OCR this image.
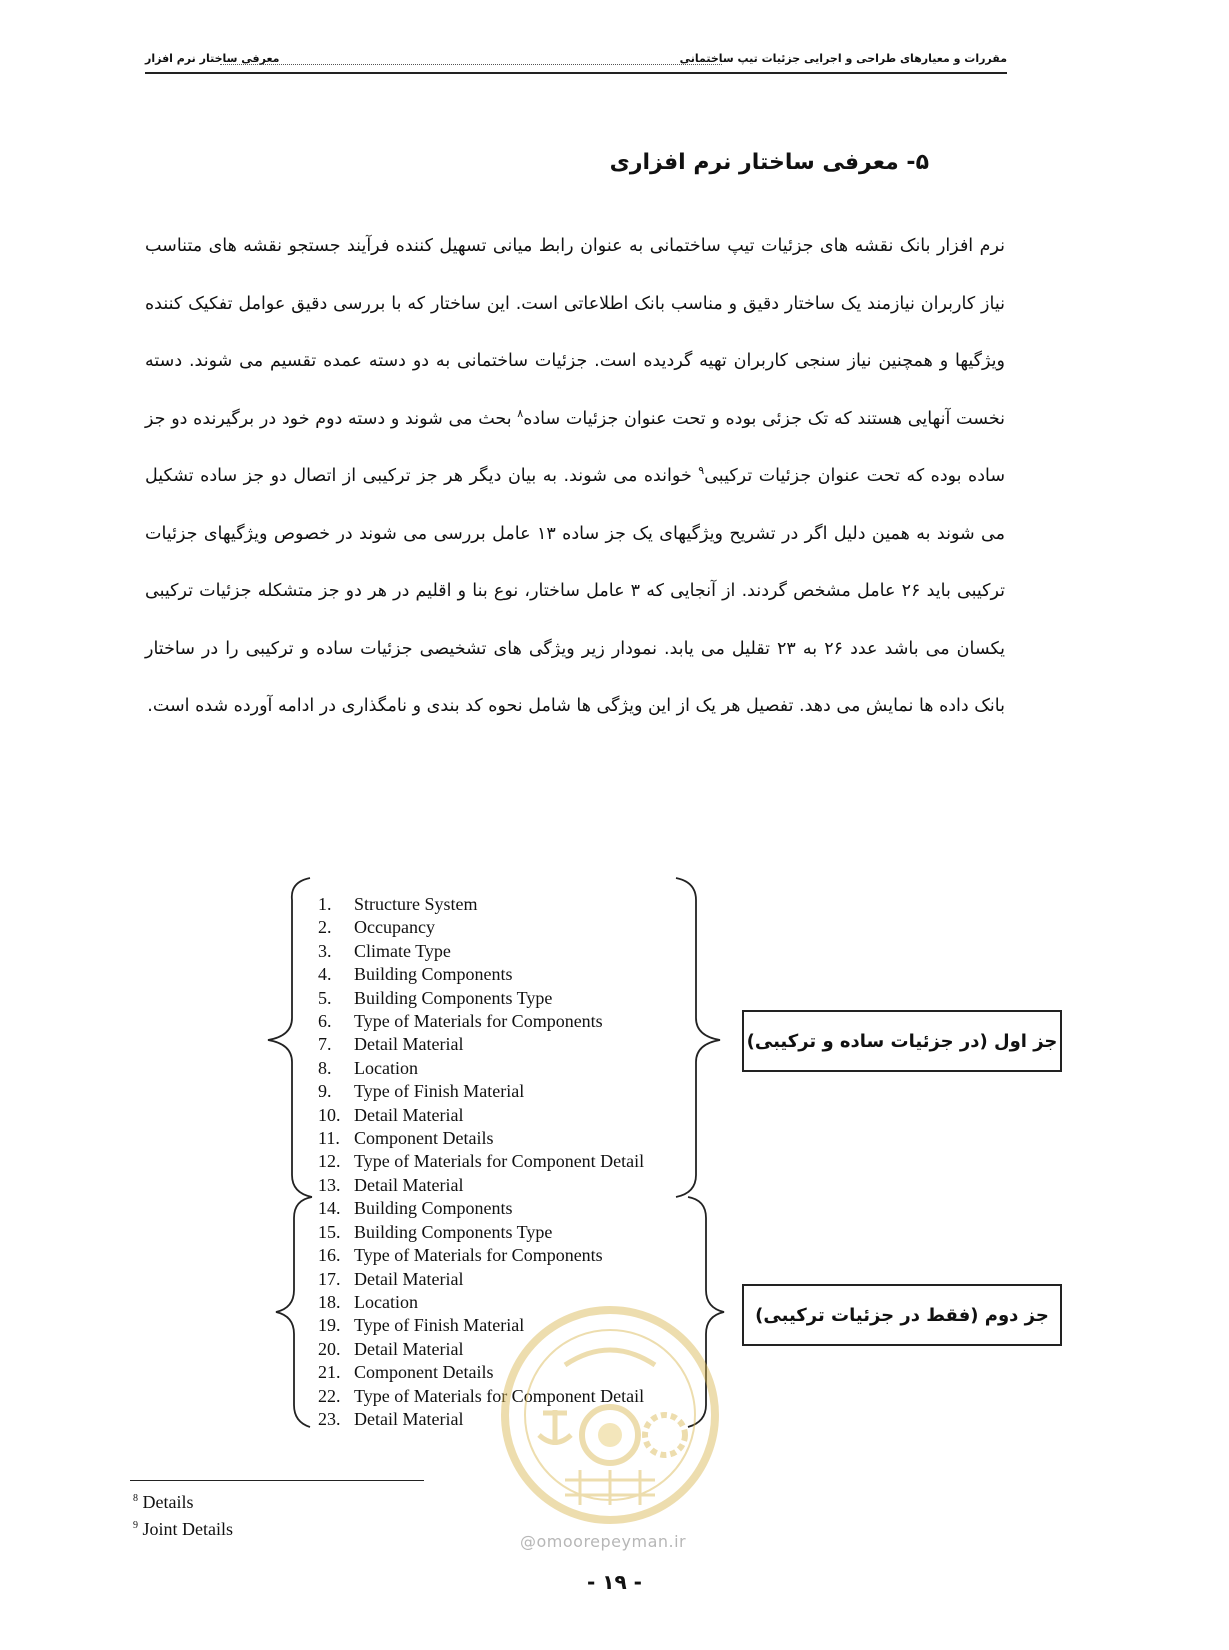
مقررات و معیارهای طراحی و اجرایی جزئیات تیپ ساختمانی
معرفی ساختار نرم افزار
۵- معرفی ساختار نرم افزاری
نرم افزار بانک نقشه های جزئیات تیپ ساختمانی به عنوان رابط میانی تسهیل کننده فرآیند جستجو نقشه های متناسب نیاز کاربران نیازمند یک ساختار دقیق و مناسب بانک اطلاعاتی است. این ساختار که با بررسی دقیق عوامل تفکیک کننده ویژگیها و همچنین نیاز سنجی کاربران تهیه گردیده است. جزئیات ساختمانی به دو دسته عمده تقسیم می شوند. دسته نخست آنهایی هستند که تک جزئی بوده و تحت عنوان جزئیات ساده$^۸$ بحث می شوند و دسته دوم خود در برگیرنده دو جز ساده بوده که تحت عنوان جزئیات ترکیبی$^۹$ خوانده می شوند. به بیان دیگر هر جز ترکیبی از اتصال دو جز ساده تشکیل می شوند به همین دلیل اگر در تشریح ویژگیهای یک جز ساده ۱۳ عامل بررسی می شوند در خصوص ویژگیهای جزئیات ترکیبی باید ۲۶ عامل مشخص گردند. از آنجایی که ۳ عامل ساختار، نوع بنا و اقلیم در هر دو جز متشکله جزئیات ترکیبی یکسان می باشد عدد ۲۶ به ۲۳ تقلیل می یابد. نمودار زیر ویژگی های تشخیصی جزئیات ساده و ترکیبی را در ساختار بانک داده ها نمایش می دهد. تفصیل هر یک از این ویژگی ها شامل نحوه کد بندی و نامگذاری در ادامه آورده شده است.
1. Structure System
2. Occupancy
3. Climate Type
4. Building Components
5. Building Components Type
6. Type of Materials for Components
7. Detail Material
8. Location
9. Type of Finish Material
10. Detail Material
11. Component Details
12. Type of Materials for Component Detail
13. Detail Material
14. Building Components
15. Building Components Type
16. Type of Materials for Components
17. Detail Material
18. Location
19. Type of Finish Material
20. Detail Material
21. Component Details
22. Type of Materials for Component Detail
23. Detail Material
جز اول (در جزئیات ساده و ترکیبی)
جز دوم (فقط در جزئیات ترکیبی)
@omoorepeyman.ir
$^8$ Details
$^9$ Joint Details
- ۱۹ -
